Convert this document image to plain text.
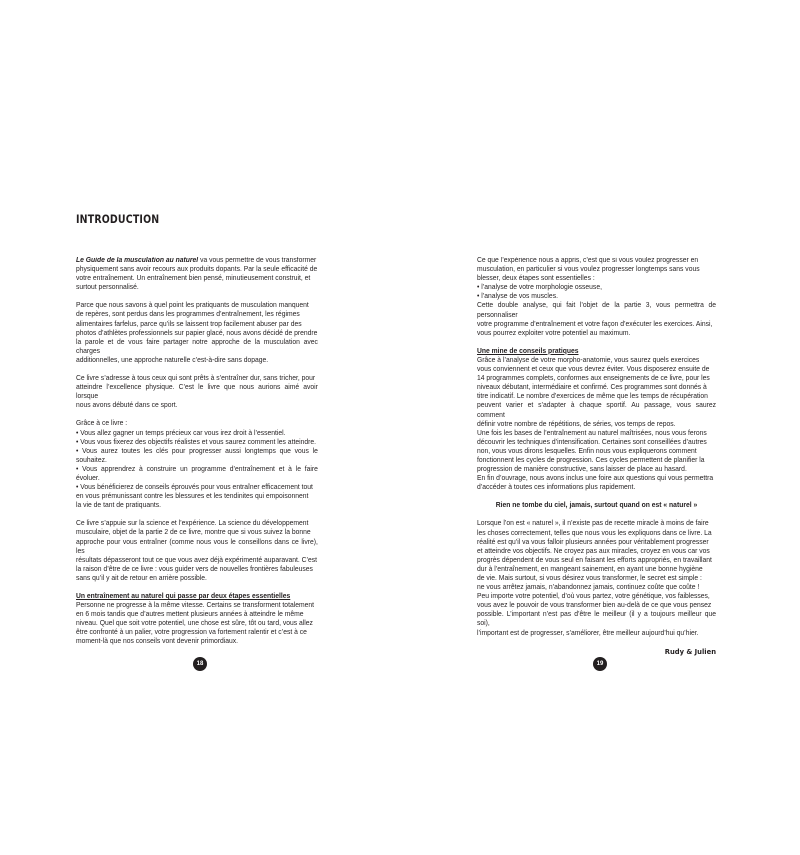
INTRODUCTION

Le Guide de la musculation au naturel va vous permettre de vous transformer

physiquement sans avoir recours aux produits dopants. Par la seule efficacité de

votre entraînement. Un entraînement bien pensé, minutieusement construit, et

surtout personnalisé.

Parce que nous savons à quel point les pratiquants de musculation manquent

de repères, sont perdus dans les programmes d’entraînement, les régimes

alimentaires farfelus, parce qu’ils se laissent trop facilement abuser par des

photos d’athlètes professionnels sur papier glacé, nous avons décidé de prendre

la parole et de vous faire partager notre approche de la musculation avec charges

additionnelles, une approche naturelle c’est-à-dire sans dopage.

Ce livre s’adresse à tous ceux qui sont prêts à s’entraîner dur, sans tricher, pour

atteindre l’excellence physique. C’est le livre que nous aurions aimé avoir lorsque

nous avons débuté dans ce sport.

Grâce à ce livre :

• Vous allez gagner un temps précieux car vous irez droit à l’essentiel.

• Vous vous fixerez des objectifs réalistes et vous saurez comment les atteindre.

• Vous aurez toutes les clés pour progresser aussi longtemps que vous le souhaitez.

• Vous apprendrez à construire un programme d’entraînement et à le faire évoluer.

• Vous bénéficierez de conseils éprouvés pour vous entraîner efficacement tout

en vous prémunissant contre les blessures et les tendinites qui empoisonnent

la vie de tant de pratiquants.

Ce livre s’appuie sur la science et l’expérience. La science du développement

musculaire, objet de la partie 2 de ce livre, montre que si vous suivez la bonne

approche pour vous entraîner (comme nous vous le conseillons dans ce livre), les

résultats dépasseront tout ce que vous avez déjà expérimenté auparavant. C’est

la raison d’être de ce livre : vous guider vers de nouvelles frontières fabuleuses

sans qu’il y ait de retour en arrière possible.

Un entraînement au naturel qui passe par deux étapes essentielles

Personne ne progresse à la même vitesse. Certains se transforment totalement

en 6 mois tandis que d’autres mettent plusieurs années à atteindre le même

niveau. Quel que soit votre potentiel, une chose est sûre, tôt ou tard, vous allez

être confronté à un palier, votre progression va fortement ralentir et c’est à ce

moment-là que nos conseils vont devenir primordiaux.

18

Ce que l’expérience nous a appris, c’est que si vous voulez progresser en

musculation, en particulier si vous voulez progresser longtemps sans vous

blesser, deux étapes sont essentielles :

• l’analyse de votre morphologie osseuse,

• l’analyse de vos muscles.

Cette double analyse, qui fait l’objet de la partie 3, vous permettra de personnaliser

votre programme d’entraînement et votre façon d’exécuter les exercices. Ainsi,

vous pourrez exploiter votre potentiel au maximum.

Une mine de conseils pratiques

Grâce à l’analyse de votre morpho-anatomie, vous saurez quels exercices

vous conviennent et ceux que vous devrez éviter. Vous disposerez ensuite de

14 programmes complets, conformes aux enseignements de ce livre, pour les

niveaux débutant, intermédiaire et confirmé. Ces programmes sont donnés à

titre indicatif. Le nombre d’exercices de même que les temps de récupération

peuvent varier et s’adapter à chaque sportif. Au passage, vous saurez comment

définir votre nombre de répétitions, de séries, vos temps de repos.

Une fois les bases de l’entraînement au naturel maîtrisées, nous vous ferons

découvrir les techniques d’intensification. Certaines sont conseillées d’autres

non, vous vous dirons lesquelles. Enfin nous vous expliquerons comment

fonctionnent les cycles de progression. Ces cycles permettent de planifier la

progression de manière constructive, sans laisser de place au hasard.

En fin d’ouvrage, nous avons inclus une foire aux questions qui vous permettra

d’accéder à toutes ces informations plus rapidement.

Rien ne tombe du ciel, jamais, surtout quand on est « naturel »

Lorsque l’on est « naturel », il n’existe pas de recette miracle à moins de faire

les choses correctement, telles que nous vous les expliquons dans ce livre. La

réalité est qu’il va vous falloir plusieurs années pour véritablement progresser

et atteindre vos objectifs. Ne croyez pas aux miracles, croyez en vous car vos

progrès dépendent de vous seul en faisant les efforts appropriés, en travaillant

dur à l’entraînement, en mangeant sainement, en ayant une bonne hygiène

de vie. Mais surtout, si vous désirez vous transformer, le secret est simple :

ne vous arrêtez jamais, n’abandonnez jamais, continuez coûte que coûte !

Peu importe votre potentiel, d’où vous partez, votre génétique, vos faiblesses,

vous avez le pouvoir de vous transformer bien au-delà de ce que vous pensez

possible. L’important n’est pas d’être le meilleur (il y a toujours meilleur que soi),

l’important est de progresser, s’améliorer, être meilleur aujourd’hui qu’hier.

Rudy & Julien

19
